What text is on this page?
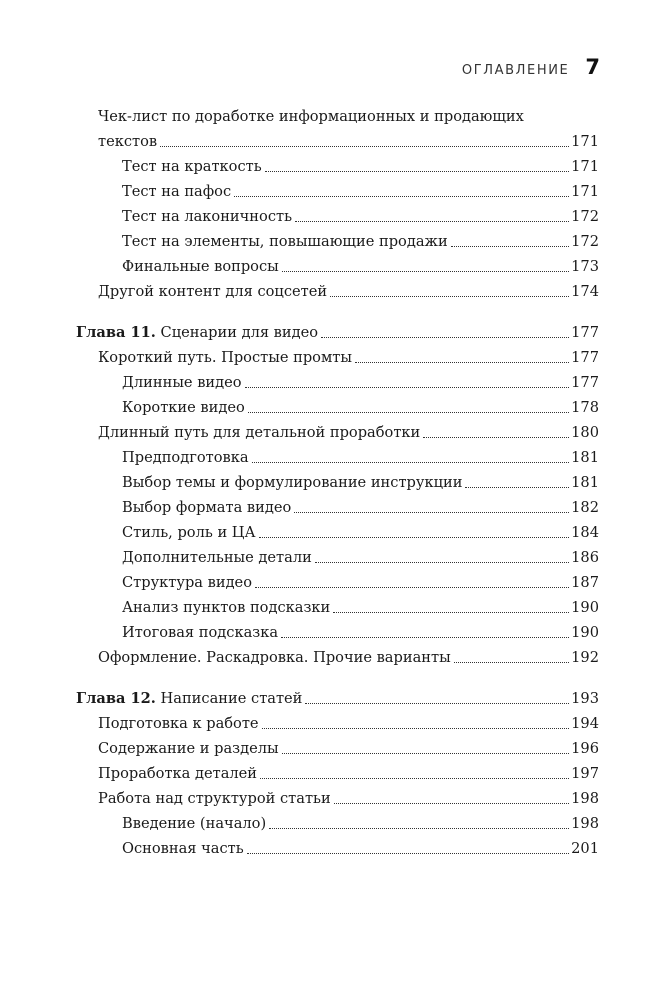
ОГЛАВЛЕНИЕ 7
Чек-лист по доработке информационных и продающих
текстов	171
Тест на краткость	171
Тест на пафос	171
Тест на лаконичность	172
Тест на элементы, повышающие продажи	172
Финальные вопросы	173
Другой контент для соцсетей	174
Глава 11. Сценарии для видео	177
Короткий путь. Простые промты	177
Длинные видео	177
Короткие видео	178
Длинный путь для детальной проработки	180
Предподготовка	181
Выбор темы и формулирование инструкции	181
Выбор формата видео	182
Стиль, роль и ЦА	184
Дополнительные детали	186
Структура видео	187
Анализ пунктов подсказки	190
Итоговая подсказка	190
Оформление. Раскадровка. Прочие варианты	192
Глава 12. Написание статей	193
Подготовка к работе	194
Содержание и разделы	196
Проработка деталей	197
Работа над структурой статьи	198
Введение (начало)	198
Основная часть	201
